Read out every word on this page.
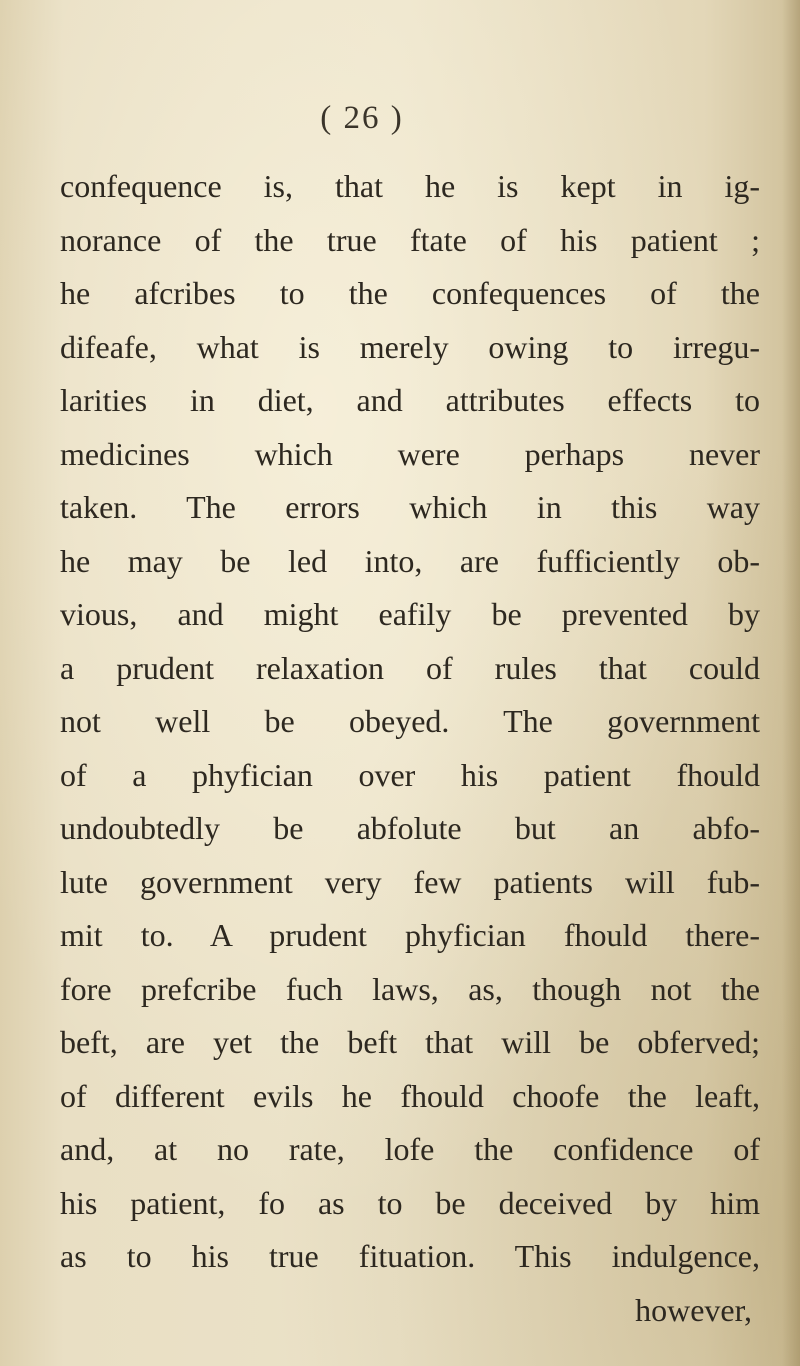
( 26 )
confequence is, that he is kept in ig-
norance of the true ftate of his patient ;
he afcribes to the confequences of the
difeafe, what is merely owing to irregu-
larities in diet, and attributes effects to
medicines which were perhaps never
taken. The errors which in this way
he may be led into, are fufficiently ob-
vious, and might eafily be prevented by
a prudent relaxation of rules that could
not well be obeyed. The government
of a phyfician over his patient fhould
undoubtedly be abfolute but an abfo-
lute government very few patients will fub-
mit to. A prudent phyfician fhould there-
fore prefcribe fuch laws, as, though not the
beft, are yet the beft that will be obferved;
of different evils he fhould choofe the leaft,
and, at no rate, lofe the confidence of
his patient, fo as to be deceived by him
as to his true fituation. This indulgence,
however,
